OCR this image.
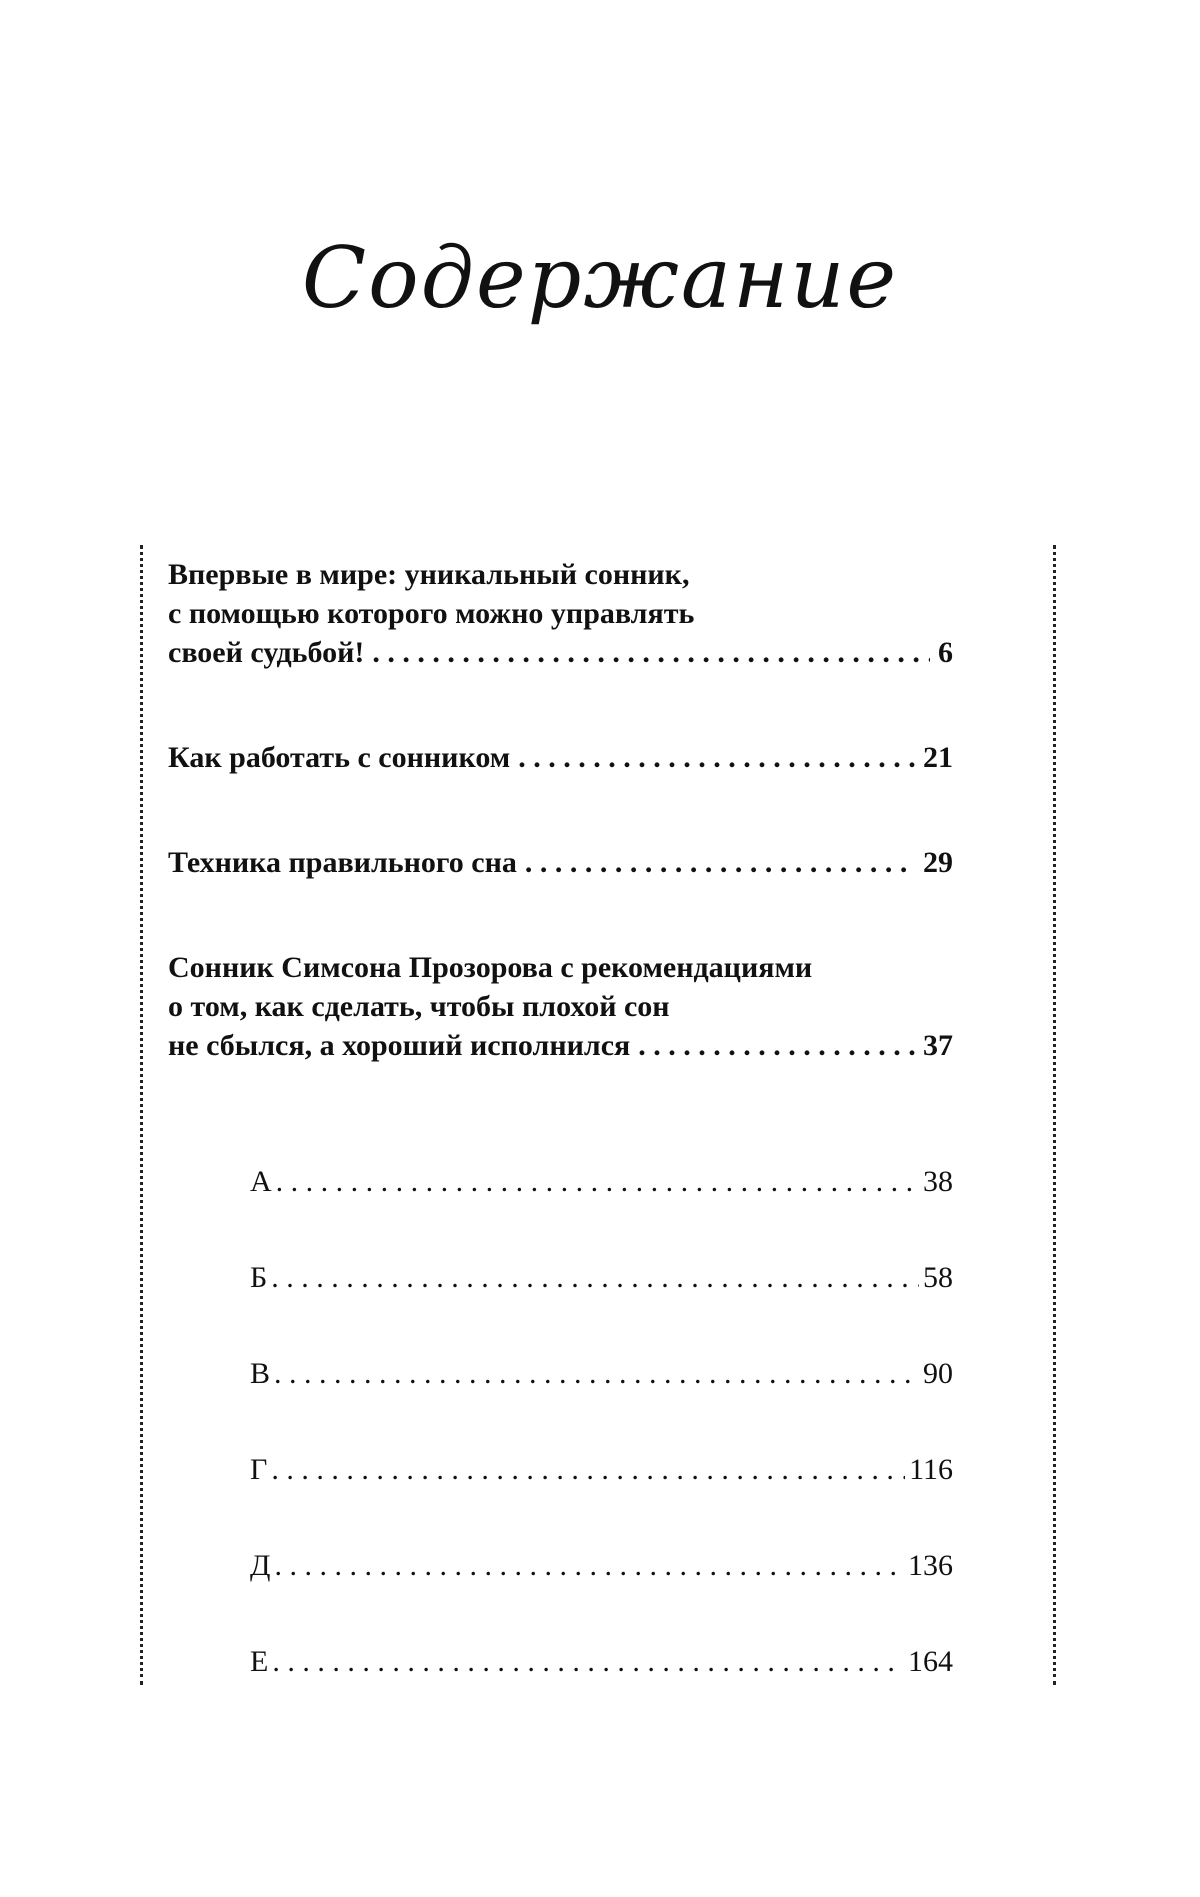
Содержание
Впервые в мире: уникальный сонник,
с помощью которого можно управлять
своей судьбой! . . .	6
Как работать с сонником . . .	21
Техника правильного сна . . .	29
Сонник Симсона Прозорова с рекомендациями
о том, как сделать, чтобы плохой сон
не сбылся, а хороший исполнился . . .	37
А . . .	38
Б . . .	58
В . . .	90
Г . . .	116
Д . . .	136
Е . . .	164
